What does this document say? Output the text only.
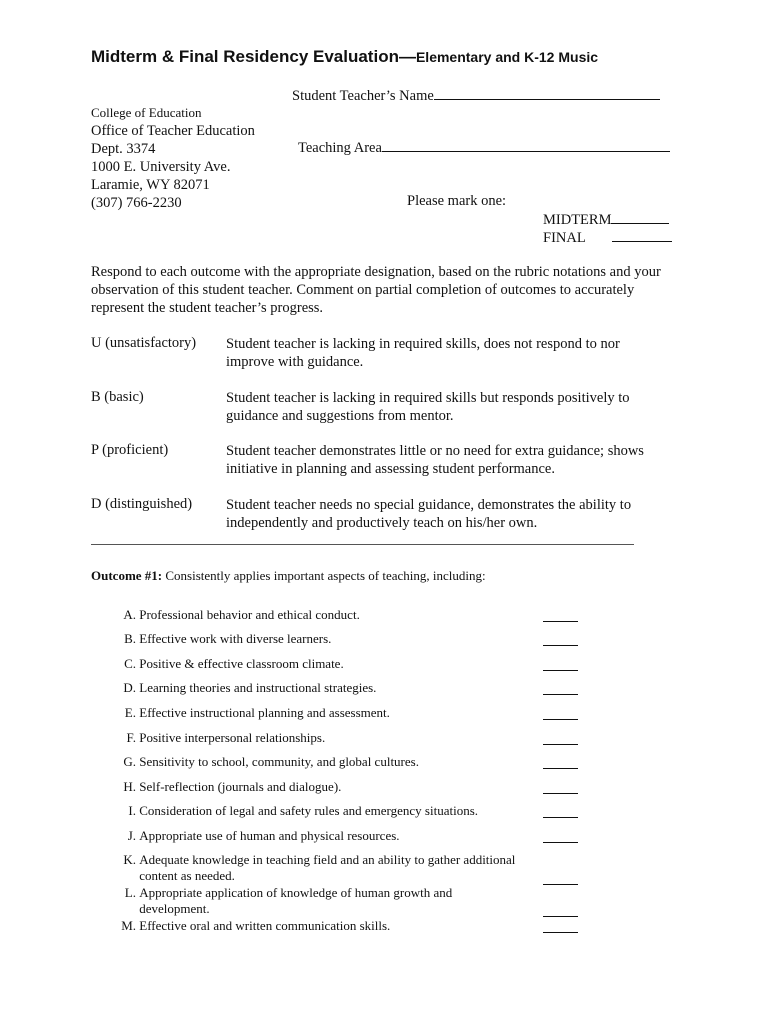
Midterm & Final Residency Evaluation—Elementary and K-12 Music
Student Teacher’s Name
College of Education
Office of Teacher Education
Dept. 3374
1000 E. University Ave.
Laramie, WY 82071
(307) 766-2230
Teaching Area
Please mark one:
MIDTERM
FINAL
Respond to each outcome with the appropriate designation, based on the rubric notations and your observation of this student teacher. Comment on partial completion of outcomes to accurately represent the student teacher’s progress.
U (unsatisfactory) Student teacher is lacking in required skills, does not respond to nor improve with guidance.
B (basic)	Student teacher is lacking in required skills but responds positively to guidance and suggestions from mentor.
P (proficient)	Student teacher demonstrates little or no need for extra guidance; shows initiative in planning and assessing student performance.
D (distinguished) Student teacher needs no special guidance, demonstrates the ability to independently and productively teach on his/her own.
Outcome #1: Consistently applies important aspects of teaching, including:
A. Professional behavior and ethical conduct.
B. Effective work with diverse learners.
C. Positive & effective classroom climate.
D. Learning theories and instructional strategies.
E. Effective instructional planning and assessment.
F. Positive interpersonal relationships.
G. Sensitivity to school, community, and global cultures.
H. Self-reflection (journals and dialogue).
I. Consideration of legal and safety rules and emergency situations.
J. Appropriate use of human and physical resources.
K. Adequate knowledge in teaching field and an ability to gather additional content as needed.
L. Appropriate application of knowledge of human growth and development.
M. Effective oral and written communication skills.
